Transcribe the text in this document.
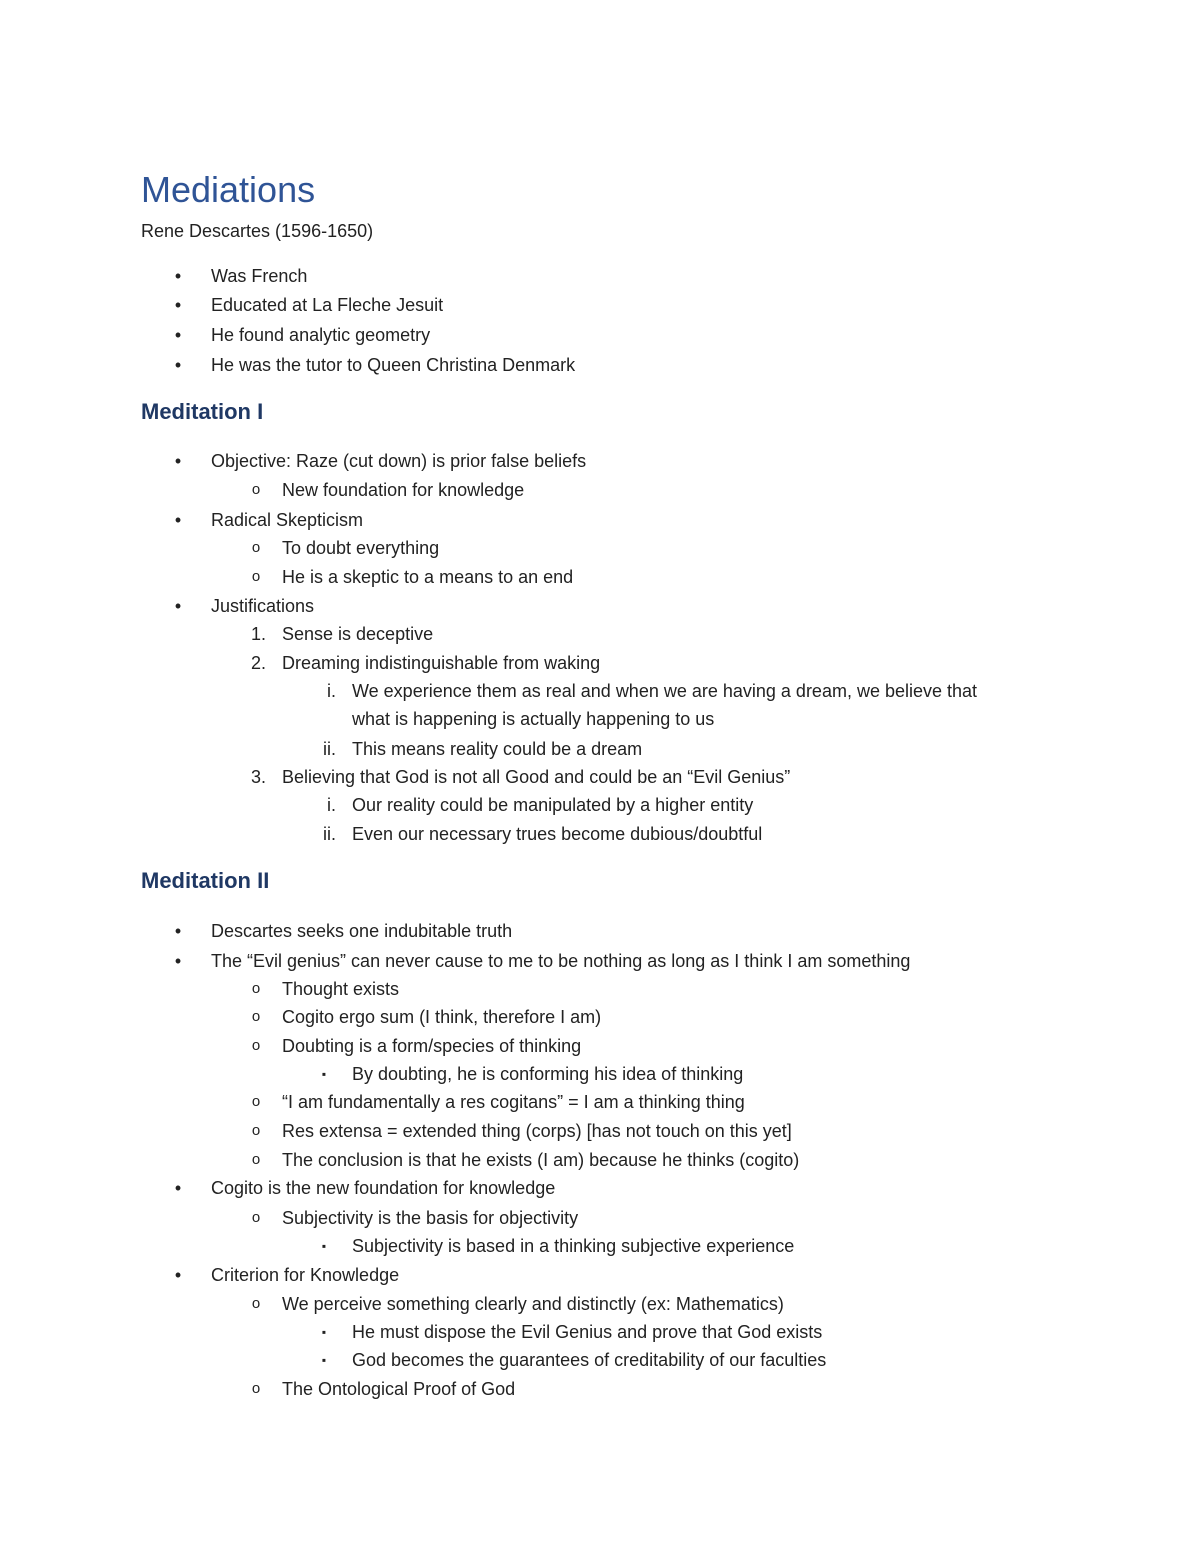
Mediations
Rene Descartes (1596-1650)
•	Was French
•	Educated at La Fleche Jesuit
•	He found analytic geometry
•	He was the tutor to Queen Christina Denmark
Meditation I
•	Objective: Raze (cut down) is prior false beliefs
o	New foundation for knowledge
•	Radical Skepticism
o	To doubt everything
o	He is a skeptic to a means to an end
•	Justifications
1. Sense is deceptive
2. Dreaming indistinguishable from waking
i. We experience them as real and when we are having a dream, we believe that
what is happening is actually happening to us
ii. This means reality could be a dream
3. Believing that God is not all Good and could be an “Evil Genius”
i. Our reality could be manipulated by a higher entity
ii. Even our necessary trues become dubious/doubtful
Meditation II
•	Descartes seeks one indubitable truth
•	The “Evil genius” can never cause to me to be nothing as long as I think I am something
o	Thought exists
o	Cogito ergo sum (I think, therefore I am)
o	Doubting is a form/species of thinking
▪	By doubting, he is conforming his idea of thinking
o	“I am fundamentally a res cogitans” = I am a thinking thing
o	Res extensa = extended thing (corps) [has not touch on this yet]
o	The conclusion is that he exists (I am) because he thinks (cogito)
•	Cogito is the new foundation for knowledge
o	Subjectivity is the basis for objectivity
▪	Subjectivity is based in a thinking subjective experience
•	Criterion for Knowledge
o	We perceive something clearly and distinctly (ex: Mathematics)
▪	He must dispose the Evil Genius and prove that God exists
▪	God becomes the guarantees of creditability of our faculties
o	The Ontological Proof of God
